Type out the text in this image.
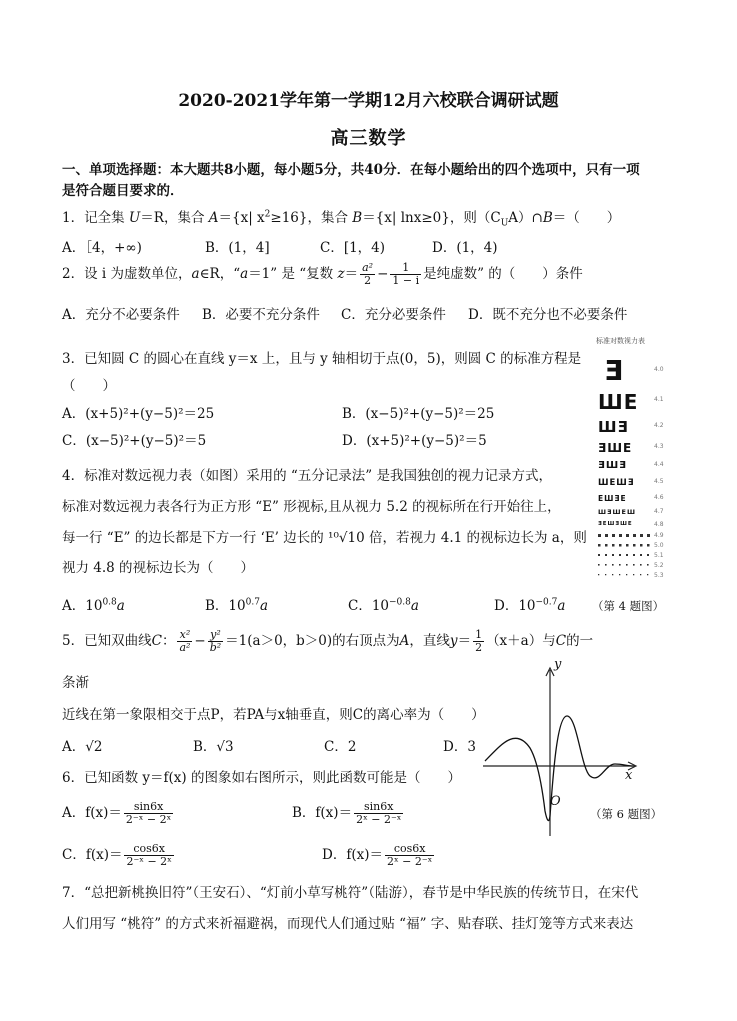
2020-2021学年第一学期12月六校联合调研试题
高三数学
一、单项选择题：本大题共8小题，每小题5分，共40分．在每小题给出的四个选项中，只有一项
是符合题目要求的．
1．记全集 U＝R，集合 A＝{x| $x^2\ge 16$}，集合 B＝{x| lnx≥0}，则$(C_UA)\cap B=$（　　）
A．［4，+∞)	B．(1，4]	C．[1，4)	D．(1，4)
2．设 i 为虚数单位，a∈R，“a＝1” 是 “复数 $z= \frac{\text{a²}}{2} - \frac{1}{1 - i}$ 是纯虚数” 的（　　）条件
A．充分不必要条件 B．必要不充分条件 C．充分必要条件 D．既不充分也不必要条件
3．已知圆 C 的圆心在直线 y＝x 上，且与 y 轴相切于点(0，5)，则圆 C 的标准方程是
（　　）
A．(x+5)²+(y−5)²＝25	B．(x−5)²+(y−5)²＝25
C．(x−5)²+(y−5)²＝5	D．(x+5)²+(y−5)²＝5
4．标准对数远视力表（如图）采用的 “五分记录法” 是我国独创的视力记录方式，
标准对数远视力表各行为正方形 “E” 形视标,且从视力 5.2 的视标所在行开始往上，
每一行 “E” 的边长都是下方一行 ‘E’ 边长的 ¹⁰√10 倍，若视力 4.1 的视标边长为 a，则
视力 4.8 的视标边长为（　　）
A．$10^{0.8}a$	B．$10^{0.7}a$	C．$10^{-0.8}a$	D．$10^{-0.7}a$
标准对数视力表
Ǝ
ШE
ШƎ
ƎШE
ƎШƎ
ШEШƎ
EШƎE
ШƎШEШ
ƎEШƎШE
4.0
4.1
4.2
4.3
4.4
4.5
4.6
4.7
4.8
4.9
5.0
5.1
5.2
5.3
（第 4 题图）
5．已知双曲线C： $\frac{\text{x²}}{\text{a²}} - \frac{\text{y²}}{\text{b²}} =1(a>0$，b＞0)的右顶点为A，直线$y= \frac{1}{2} (x+a)$与C的一
条渐
近线在第一象限相交于点P，若PA与x轴垂直，则C的离心率为（　　）
A．√2	B．√3	C．2	D．3
6．已知函数 y＝f(x) 的图象如右图所示，则此函数可能是（　　）
A．$f(x)= \frac{\sin 6x}{\text{2⁻ˣ − 2ˣ}}$	B．$f(x)= \frac{\sin 6x}{\text{2ˣ − 2⁻ˣ}}$
C．$f(x)= \frac{\cos 6x}{\text{2⁻ˣ − 2ˣ}}$	D．$f(x)= \frac{\cos 6x}{\text{2ˣ − 2⁻ˣ}}$
y
x
O
（第 6 题图）
7．“总把新桃换旧符”（王安石）、“灯前小草写桃符”（陆游），春节是中华民族的传统节日，在宋代
人们用写 “桃符” 的方式来祈福避祸，而现代人们通过贴 “福” 字、贴春联、挂灯笼等方式来表达
